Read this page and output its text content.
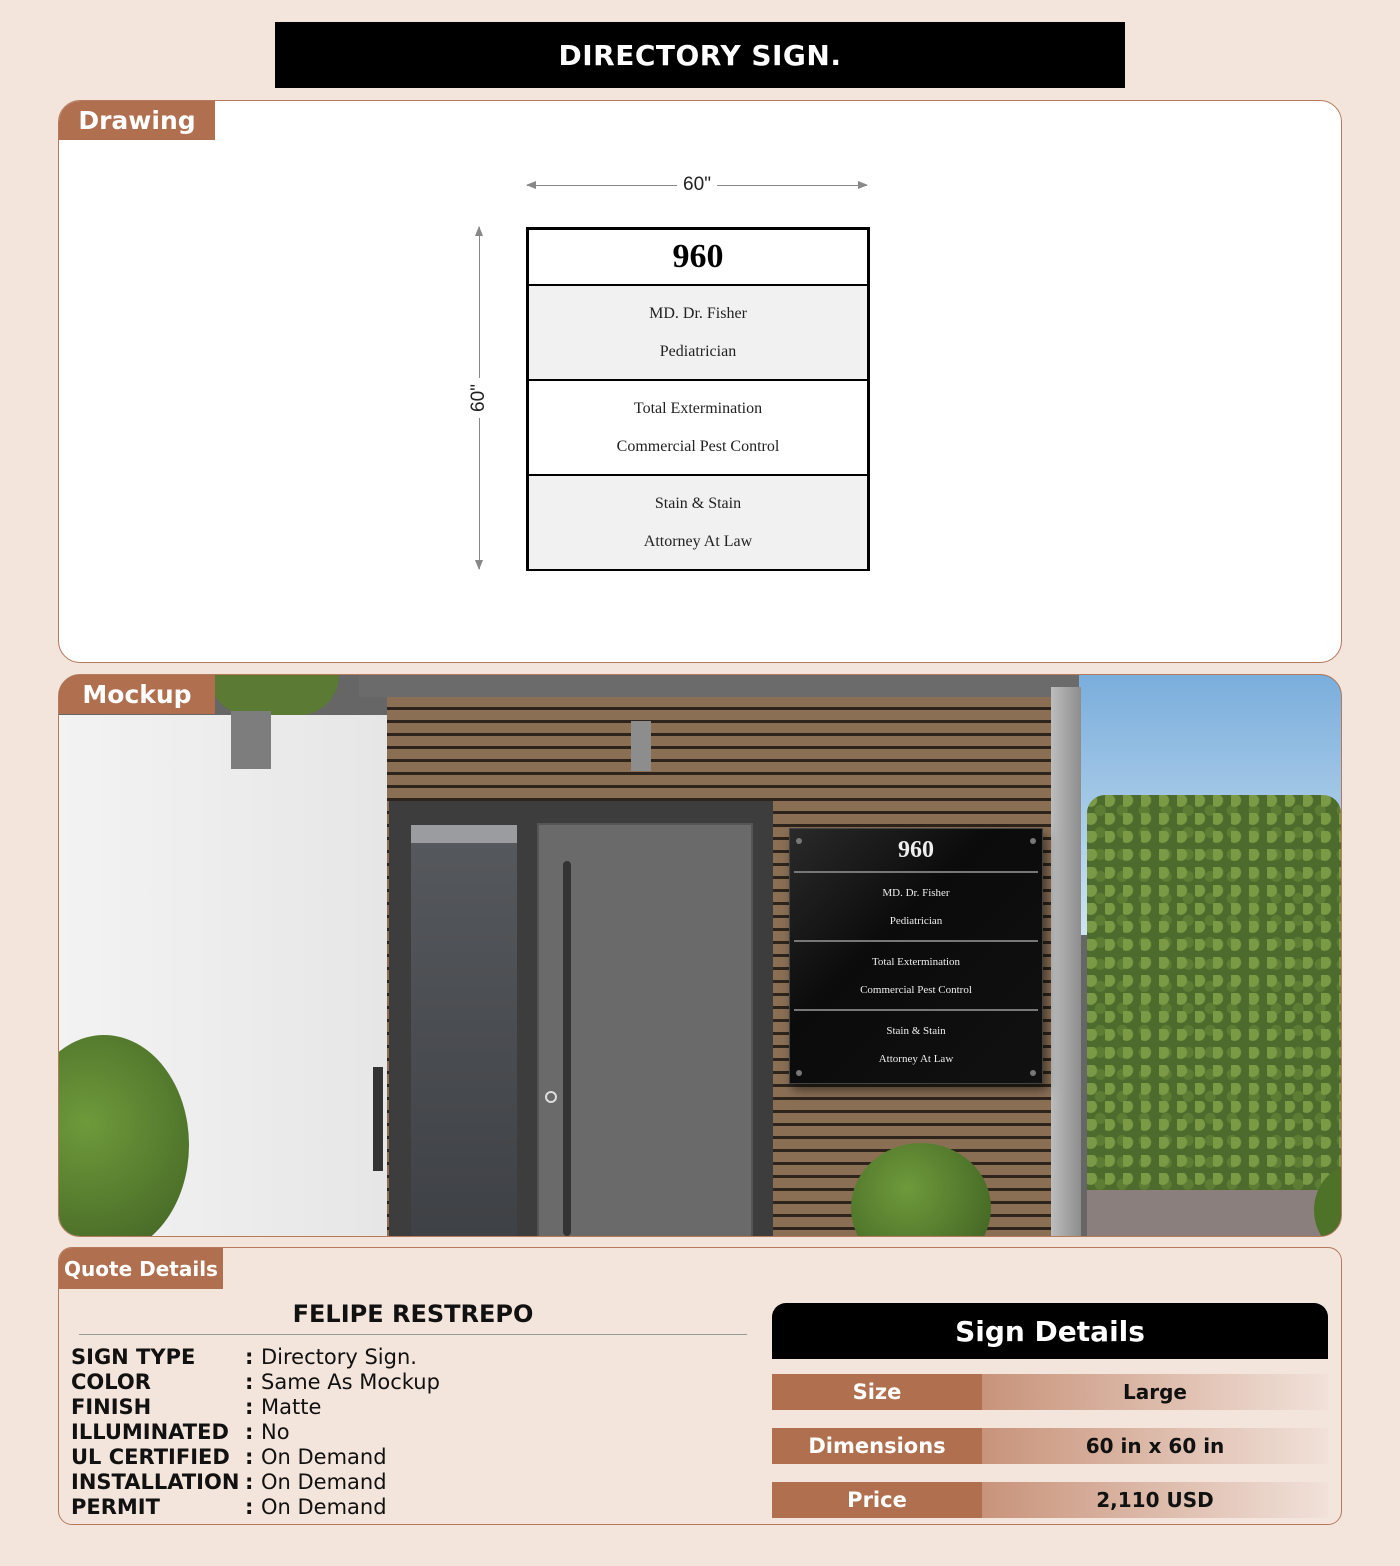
DIRECTORY SIGN.
Drawing
60"
60"
960
MD. Dr. Fisher
Pediatrician
Total Extermination
Commercial Pest Control
Stain & Stain
Attorney At Law
Mockup
960
MD. Dr. Fisher
Pediatrician
Total Extermination
Commercial Pest Control
Stain & Stain
Attorney At Law
Quote Details
FELIPE RESTREPO
SIGN TYPE	: Directory Sign.
COLOR	: Same As Mockup
FINISH	: Matte
ILLUMINATED : No
UL CERTIFIED : On Demand
INSTALLATION : On Demand
PERMIT	: On Demand
Sign Details
Size	Large
Dimensions	60 in x 60 in
Price	2,110 USD
